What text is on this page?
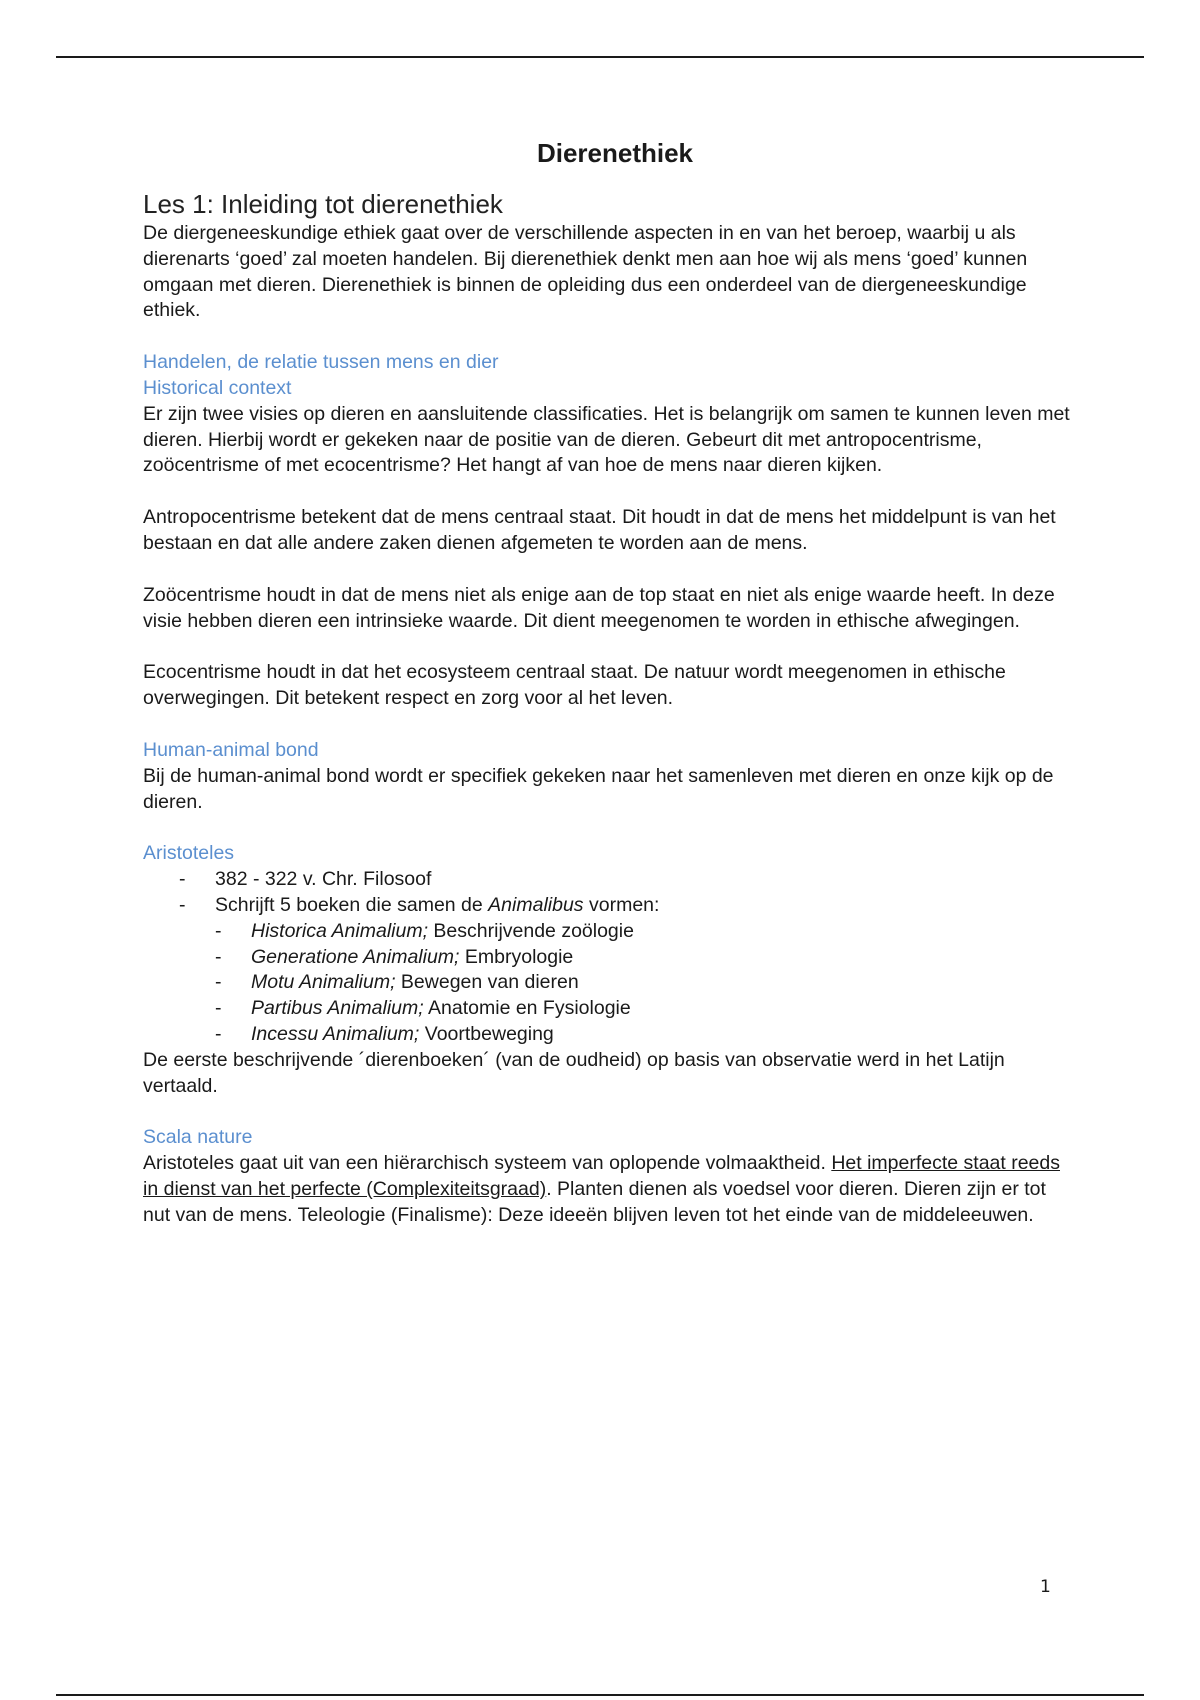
Dierenethiek
Les 1: Inleiding tot dierenethiek

De diergeneeskundige ethiek gaat over de verschillende aspecten in en van het beroep, waarbij u als dierenarts ‘goed’ zal moeten handelen. Bij dierenethiek denkt men aan hoe wij als mens ‘goed’ kunnen omgaan met dieren. Dierenethiek is binnen de opleiding dus een onderdeel van de diergeneeskundige ethiek.

Handelen, de relatie tussen mens en dier
Historical context

Er zijn twee visies op dieren en aansluitende classificaties. Het is belangrijk om samen te kunnen leven met dieren. Hierbij wordt er gekeken naar de positie van de dieren. Gebeurt dit met antropocentrisme, zoöcentrisme of met ecocentrisme? Het hangt af van hoe de mens naar dieren kijken.

Antropocentrisme betekent dat de mens centraal staat. Dit houdt in dat de mens het middelpunt is van het bestaan en dat alle andere zaken dienen afgemeten te worden aan de mens.

Zoöcentrisme houdt in dat de mens niet als enige aan de top staat en niet als enige waarde heeft. In deze visie hebben dieren een intrinsieke waarde. Dit dient meegenomen te worden in ethische afwegingen.

Ecocentrisme houdt in dat het ecosysteem centraal staat. De natuur wordt meegenomen in ethische overwegingen. Dit betekent respect en zorg voor al het leven.

Human-animal bond

Bij de human-animal bond wordt er specifiek gekeken naar het samenleven met dieren en onze kijk op de dieren.

Aristoteles
- 382 - 322 v. Chr. Filosoof
- Schrijft 5 boeken die samen de Animalibus vormen:
- Historica Animalium; Beschrijvende zoölogie
- Generatione Animalium; Embryologie
- Motu Animalium; Bewegen van dieren
- Partibus Animalium; Anatomie en Fysiologie
- Incessu Animalium; Voortbeweging

De eerste beschrijvende ´dierenboeken´ (van de oudheid) op basis van observatie werd in het Latijn vertaald.

Scala nature

Aristoteles gaat uit van een hiërarchisch systeem van oplopende volmaaktheid. Het imperfecte staat reeds in dienst van het perfecte (Complexiteitsgraad). Planten dienen als voedsel voor dieren. Dieren zijn er tot nut van de mens. Teleologie (Finalisme): Deze ideeën blijven leven tot het einde van de middeleeuwen.

1
